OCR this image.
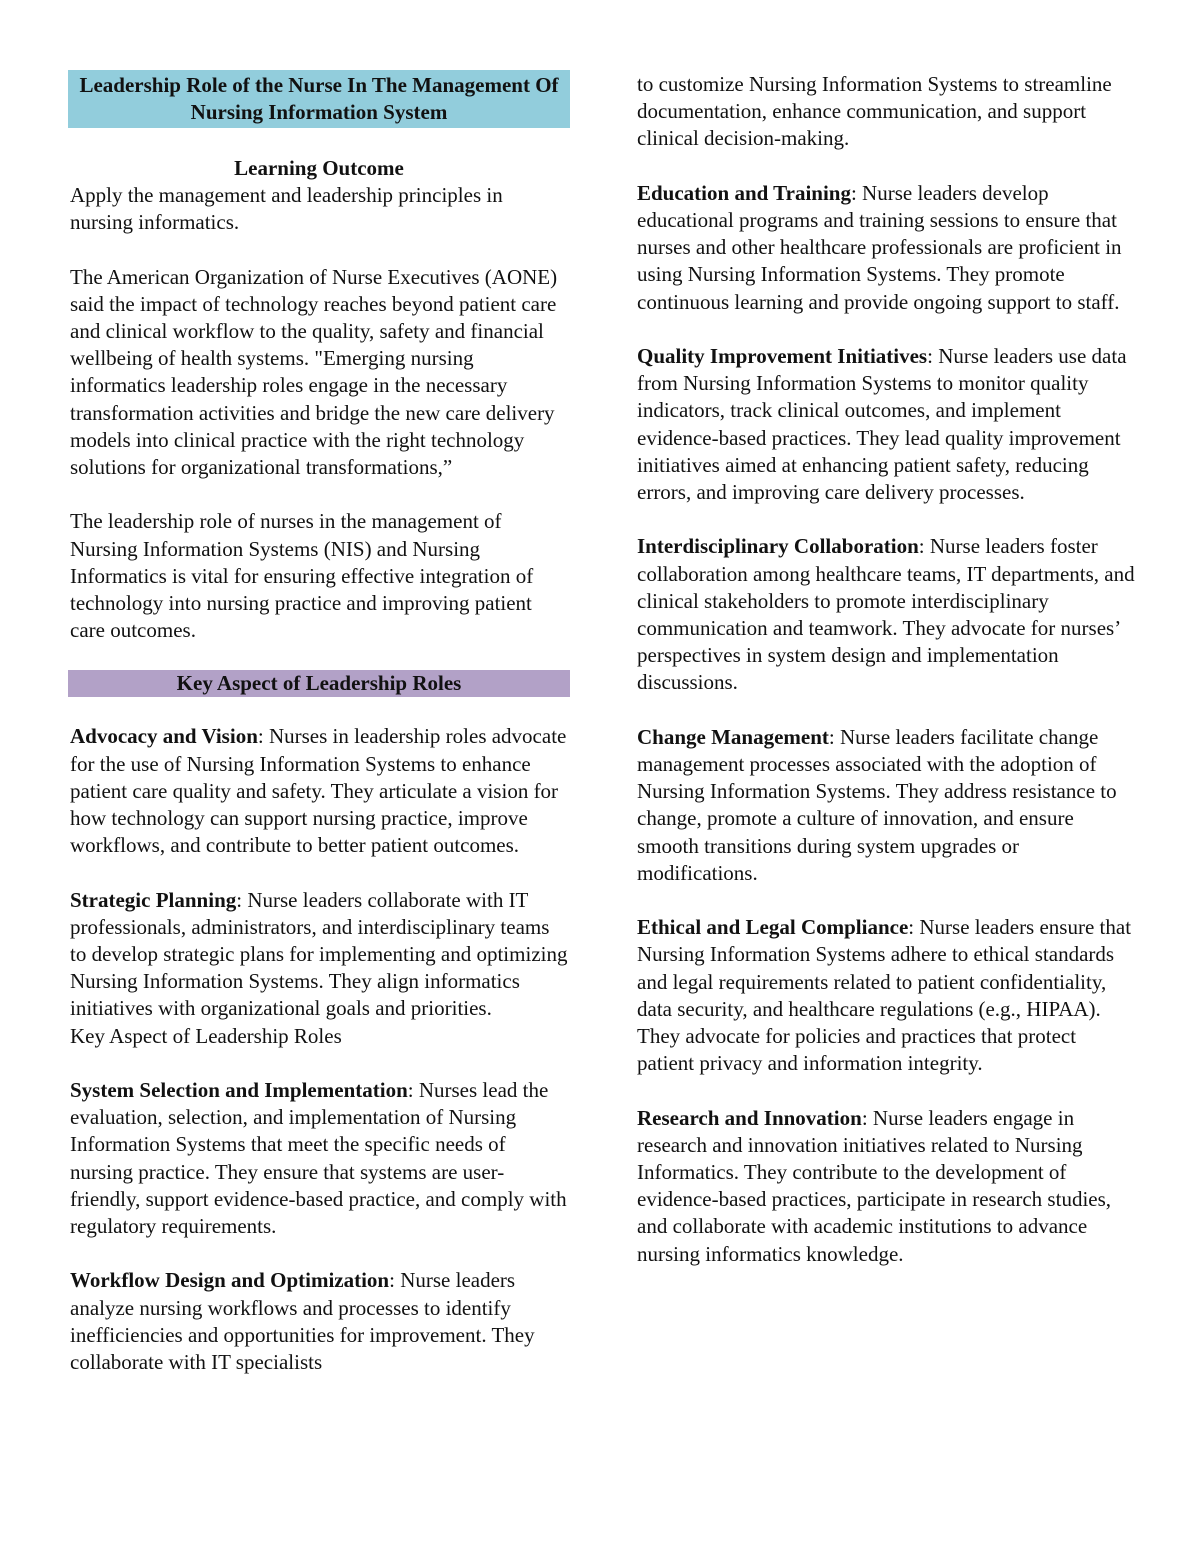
Leadership Role of the Nurse In The Management Of Nursing Information System
Learning Outcome

Apply the management and leadership principles in nursing informatics.

The American Organization of Nurse Executives (AONE) said the impact of technology reaches beyond patient care and clinical workflow to the quality, safety and financial wellbeing of health systems. "Emerging nursing informatics leadership roles engage in the necessary transformation activities and bridge the new care delivery models into clinical practice with the right technology solutions for organizational transformations,”

The leadership role of nurses in the management of Nursing Information Systems (NIS) and Nursing Informatics is vital for ensuring effective integration of technology into nursing practice and improving patient care outcomes.

Key Aspect of Leadership Roles

Advocacy and Vision: Nurses in leadership roles advocate for the use of Nursing Information Systems to enhance patient care quality and safety. They articulate a vision for how technology can support nursing practice, improve workflows, and contribute to better patient outcomes.

Strategic Planning: Nurse leaders collaborate with IT professionals, administrators, and interdisciplinary teams to develop strategic plans for implementing and optimizing Nursing Information Systems. They align informatics initiatives with organizational goals and priorities.

Key Aspect of Leadership Roles

System Selection and Implementation: Nurses lead the evaluation, selection, and implementation of Nursing Information Systems that meet the specific needs of nursing practice. They ensure that systems are user-friendly, support evidence-based practice, and comply with regulatory requirements.

Workflow Design and Optimization: Nurse leaders analyze nursing workflows and processes to identify inefficiencies and opportunities for improvement. They collaborate with IT specialists

to customize Nursing Information Systems to streamline documentation, enhance communication, and support clinical decision-making.

Education and Training: Nurse leaders develop educational programs and training sessions to ensure that nurses and other healthcare professionals are proficient in using Nursing Information Systems. They promote continuous learning and provide ongoing support to staff.

Quality Improvement Initiatives: Nurse leaders use data from Nursing Information Systems to monitor quality indicators, track clinical outcomes, and implement evidence-based practices. They lead quality improvement initiatives aimed at enhancing patient safety, reducing errors, and improving care delivery processes.

Interdisciplinary Collaboration: Nurse leaders foster collaboration among healthcare teams, IT departments, and clinical stakeholders to promote interdisciplinary communication and teamwork. They advocate for nurses’ perspectives in system design and implementation discussions.

Change Management: Nurse leaders facilitate change management processes associated with the adoption of Nursing Information Systems. They address resistance to change, promote a culture of innovation, and ensure smooth transitions during system upgrades or modifications.

Ethical and Legal Compliance: Nurse leaders ensure that Nursing Information Systems adhere to ethical standards and legal requirements related to patient confidentiality, data security, and healthcare regulations (e.g., HIPAA). They advocate for policies and practices that protect patient privacy and information integrity.

Research and Innovation: Nurse leaders engage in research and innovation initiatives related to Nursing Informatics. They contribute to the development of evidence-based practices, participate in research studies, and collaborate with academic institutions to advance nursing informatics knowledge.
